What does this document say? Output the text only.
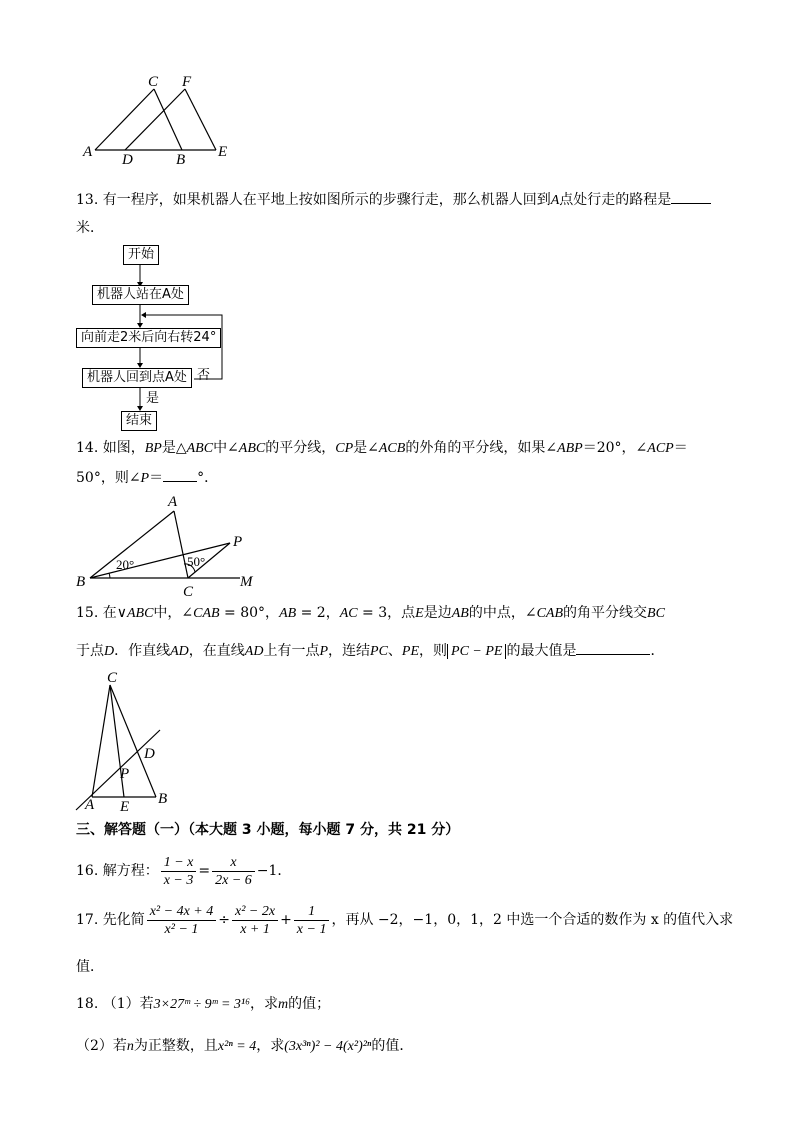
C F
A D	B E
13. 有一程序，如果机器人在平地上按如图所示的步骤行走，那么机器人回到A点处行走的路程是
米．
开始
机器人站在A处
向前走2米后向右转24°
机器人回到点A处 否
是
结束
14. 如图，BP是△ABC中∠ABC的平分线，CP是∠ACB的外角的平分线，如果∠ABP＝20°，∠ACP＝
50°，则∠P＝ °．
A
P
B
C
M
20°	50°
15. 在∨ABC中，∠CAB = 80°，AB = 2，AC = 3，点E是边AB的中点，∠CAB的角平分线交BC
于点D．作直线AD，在直线AD上有一点P，连结PC、PE，则 PC − PE 的最大值是	．
C
D
P
A E B
三、解答题（一）（本大题 3 小题，每小题 7 分，共 21 分）
16. 解方程： $\frac{1 - x}{x - 3} = \frac{x}{2x - 6} -1$．
17. 先化简 $\frac{\text{x² − 4x + 4}}{\text{x² − 1}} \div \frac{\text{x² − 2x}}{x + 1} + \frac{1}{x - 1}$ ，再从 −2，−1，0，1，2 中选一个合适的数作为 x 的值代入求
值．
18. （1）若3×27ᵐ ÷ 9ᵐ = 3¹⁶，求m的值；
（2）若n为正整数，且x²ⁿ = 4，求(3x³ⁿ)² − 4(x²)²ⁿ的值．
